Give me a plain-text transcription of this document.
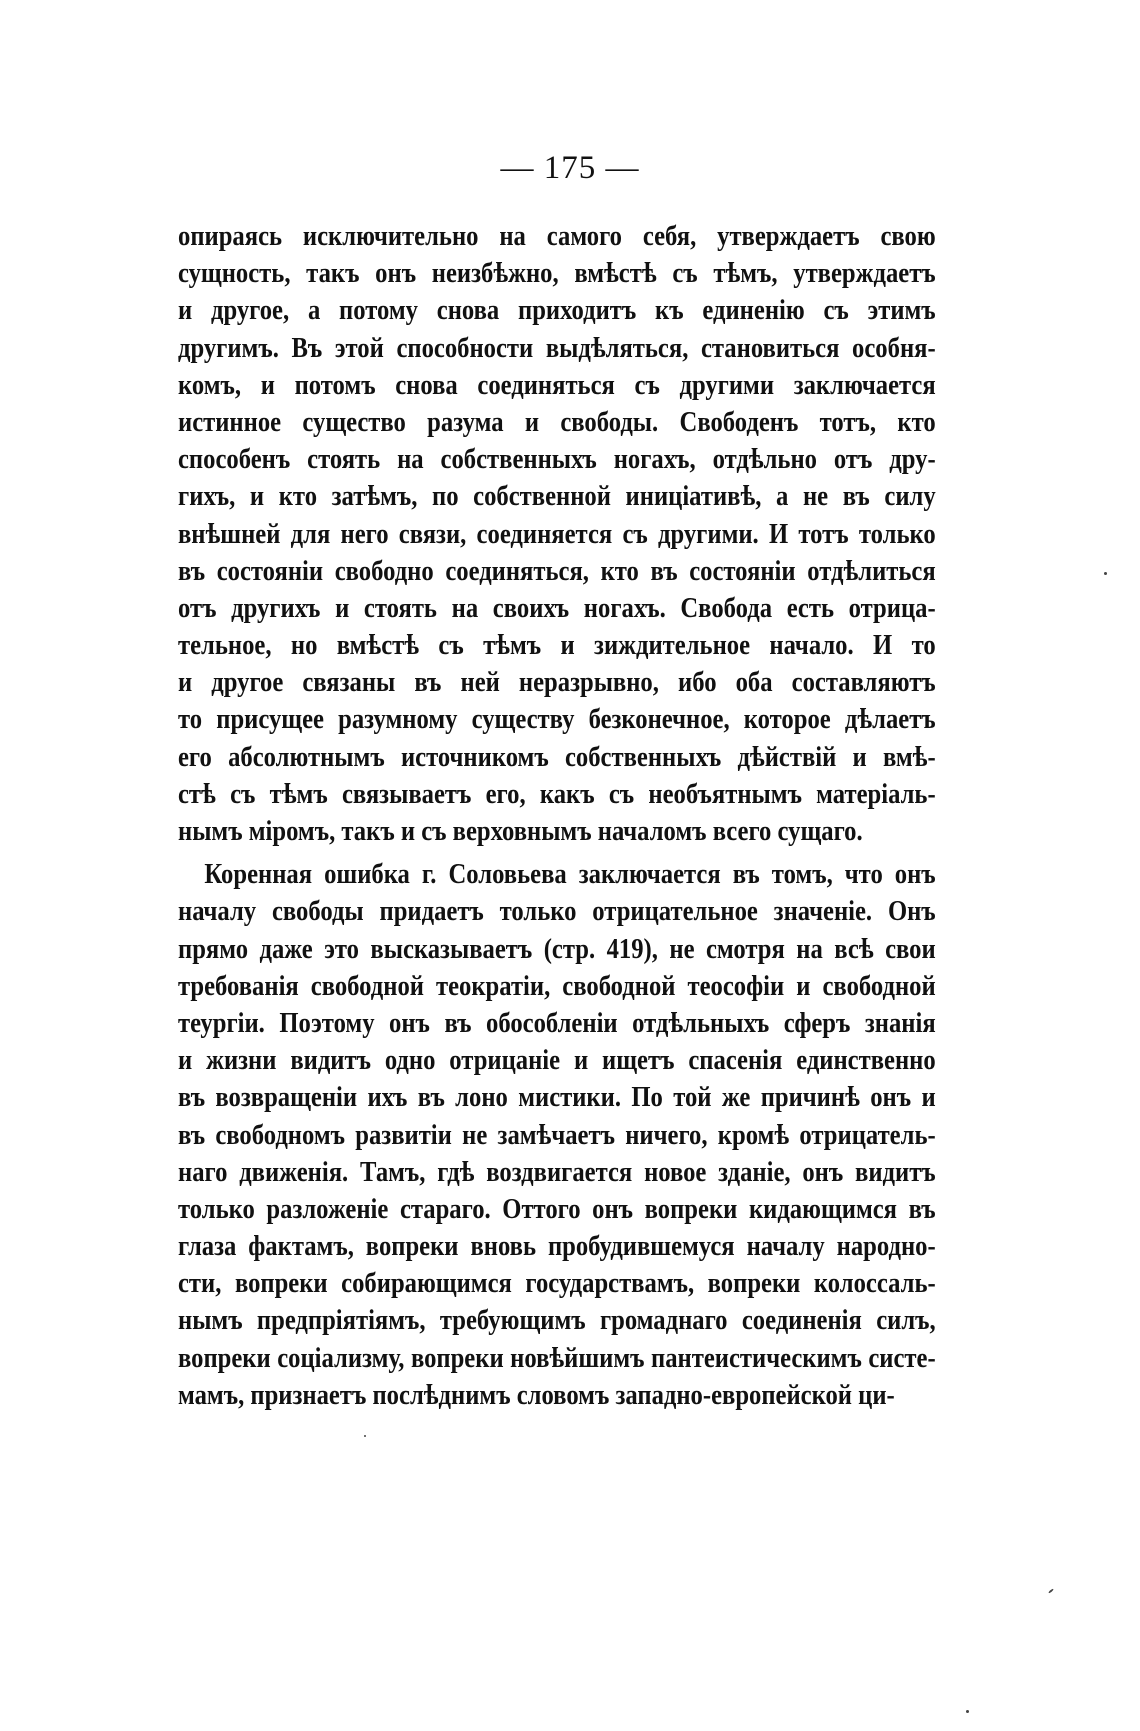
— 175 —
опираясь исключительно на самого себя, утверждаетъ свою
сущность, такъ онъ неизбѣжно, вмѣстѣ съ тѣмъ, утверждаетъ
и другое, а потому снова приходитъ къ единенію съ этимъ
другимъ. Въ этой способности выдѣляться, становиться особня-
комъ, и потомъ снова соединяться съ другими заключается
истинное существо разума и свободы. Свободенъ тотъ, кто
способенъ стоять на собственныхъ ногахъ, отдѣльно отъ дру-
гихъ, и кто затѣмъ, по собственной иниціативѣ, а не въ силу
внѣшней для него связи, соединяется съ другими. И тотъ только
въ состояніи свободно соединяться, кто въ состояніи отдѣлиться
отъ другихъ и стоять на своихъ ногахъ. Свобода есть отрица-
тельное, но вмѣстѣ съ тѣмъ и зиждительное начало. И то
и другое связаны въ ней неразрывно, ибо оба составляютъ
то присущее разумному существу безконечное, которое дѣлаетъ
его абсолютнымъ источникомъ собственныхъ дѣйствій и вмѣ-
стѣ съ тѣмъ связываетъ его, какъ съ необъятнымъ матеріаль-
нымъ міромъ, такъ и съ верховнымъ началомъ всего сущаго.
Коренная ошибка г. Соловьева заключается въ томъ, что онъ
началу свободы придаетъ только отрицательное значеніе. Онъ
прямо даже это высказываетъ (стр. 419), не смотря на всѣ свои
требованія свободной теократіи, свободной теософіи и свободной
теургіи. Поэтому онъ въ обособленіи отдѣльныхъ сферъ знанія
и жизни видитъ одно отрицаніе и ищетъ спасенія единственно
въ возвращеніи ихъ въ лоно мистики. По той же причинѣ онъ и
въ свободномъ развитіи не замѣчаетъ ничего, кромѣ отрицатель-
наго движенія. Тамъ, гдѣ воздвигается новое зданіе, онъ видитъ
только разложеніе стараго. Оттого онъ вопреки кидающимся въ
глаза фактамъ, вопреки вновь пробудившемуся началу народно-
сти, вопреки собирающимся государствамъ, вопреки колоссаль-
нымъ предпріятіямъ, требующимъ громаднаго соединенія силъ,
вопреки соціализму, вопреки новѣйшимъ пантеистическимъ систе-
мамъ, признаетъ послѣднимъ словомъ западно-европейской ци-
